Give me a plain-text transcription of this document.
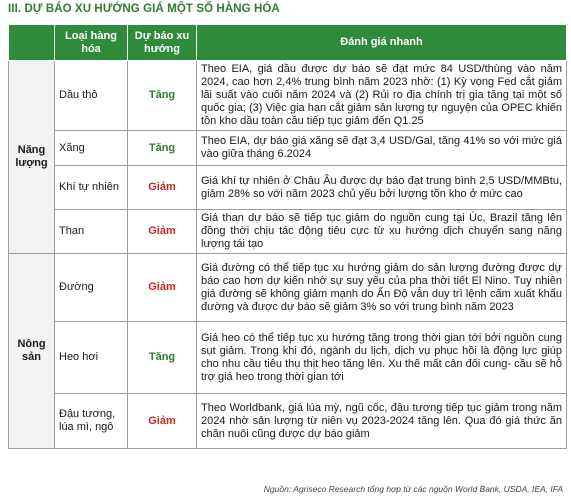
III. DỰ BÁO XU HƯỚNG GIÁ MỘT SỐ HÀNG HÓA
	Loại hàng hóa	Dự báo xu hướng	Đánh giá nhanh
Năng lượng	Dầu thô	Tăng	Theo EIA, giá dầu được dự báo sẽ đạt mức 84 USD/thùng vào năm 2024, cao hơn 2,4% trung bình năm 2023 nhờ: (1) Kỳ vọng Fed cắt giảm lãi suất vào cuối năm 2024 và (2) Rủi ro địa chính trị gia tăng tại một số quốc gia; (3) Việc gia hạn cắt giảm sản lượng tự nguyện của OPEC khiến tồn kho dầu toàn cầu tiếp tục giảm đến Q1.25
	Xăng	Tăng	Theo EIA, dự báo giá xăng sẽ đạt 3,4 USD/Gal, tăng 41% so với mức giá vào giữa tháng 6.2024
	Khí tự nhiên	Giảm	Giá khí tự nhiên ở Châu Âu được dự báo đạt trung bình 2,5 USD/MMBtu, giảm 28% so với năm 2023 chủ yếu bởi lượng tồn kho ở mức cao
	Than	Giảm	Giá than dự báo sẽ tiếp tục giảm do nguồn cung tại Úc, Brazil tăng lên đồng thời chịu tác động tiêu cực từ xu hướng dịch chuyển sang năng lượng tái tạo
Nông sản	Đường	Giảm	Giá đường có thể tiếp tục xu hướng giảm do sản lượng đường được dự báo cao hơn dự kiến nhờ sự suy yếu của pha thời tiết El Nino. Tuy nhiên giá đường sẽ không giảm mạnh do Ấn Độ vẫn duy trì lệnh cấm xuất khẩu đường và được dự báo sẽ giảm 3% so với trung bình năm 2023
	Heo hơi	Tăng	Giá heo có thể tiếp tục xu hướng tăng trong thời gian tới bởi nguồn cung sụt giảm. Trong khi đó, ngành du lịch, dịch vụ phục hồi là động lực giúp cho nhu cầu tiêu thụ thịt heo tăng lên. Xu thế mất cân đối cung- cầu sẽ hỗ trợ giá heo trong thời gian tới
	Đậu tương, lúa mì, ngô	Giảm	Theo Worldbank, giá lúa mỳ, ngũ cốc, đậu tương tiếp tục giảm trong năm 2024 nhờ sản lượng từ niên vụ 2023-2024 tăng lên. Qua đó giá thức ăn chăn nuôi cũng được dự báo giảm
Nguồn: Agriseco Research tổng hợp từ các nguồn World Bank, USDA, IEA, IFA
